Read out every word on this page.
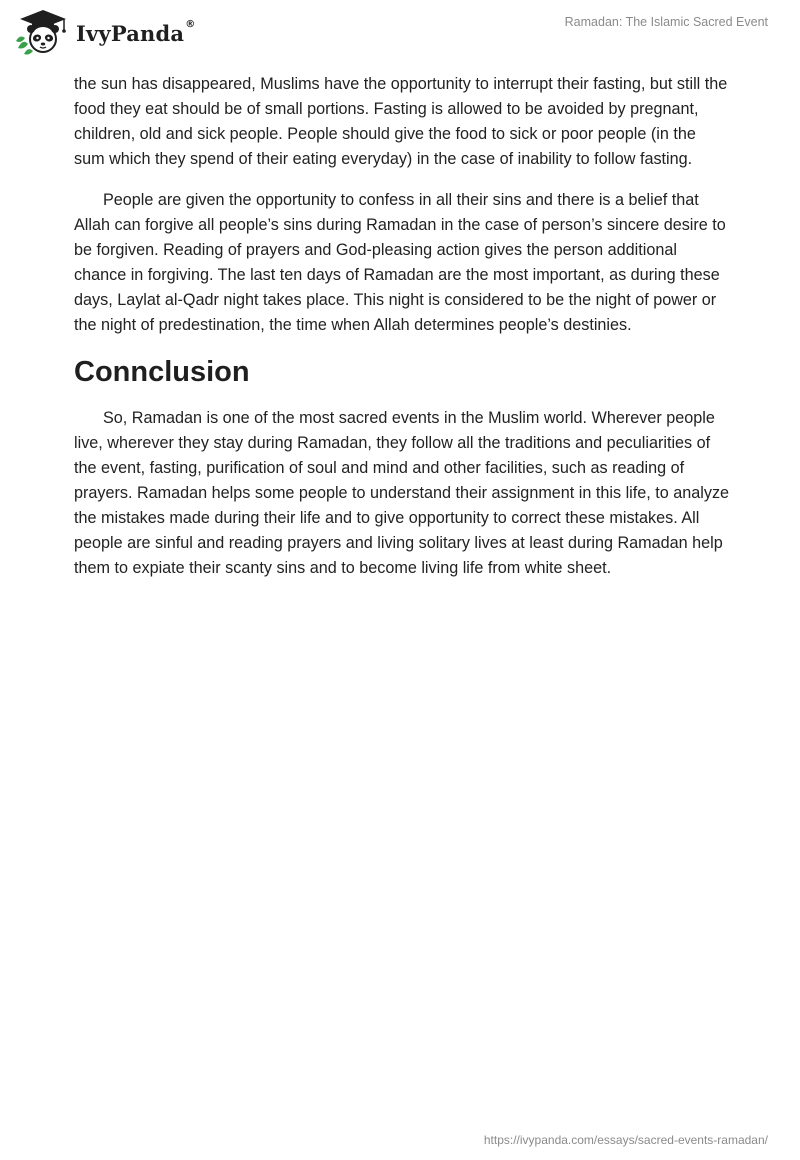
IvyPanda®	Ramadan: The Islamic Sacred Event

the sun has disappeared, Muslims have the opportunity to interrupt their fasting, but still the food they eat should be of small portions. Fasting is allowed to be avoided by pregnant, children, old and sick people. People should give the food to sick or poor people (in the sum which they spend of their eating everyday) in the case of inability to follow fasting.

People are given the opportunity to confess in all their sins and there is a belief that Allah can forgive all people’s sins during Ramadan in the case of person’s sincere desire to be forgiven. Reading of prayers and God-pleasing action gives the person additional chance in forgiving. The last ten days of Ramadan are the most important, as during these days, Laylat al-Qadr night takes place. This night is considered to be the night of power or the night of predestination, the time when Allah determines people’s destinies.

Connclusion

So, Ramadan is one of the most sacred events in the Muslim world. Wherever people live, wherever they stay during Ramadan, they follow all the traditions and peculiarities of the event, fasting, purification of soul and mind and other facilities, such as reading of prayers. Ramadan helps some people to understand their assignment in this life, to analyze the mistakes made during their life and to give opportunity to correct these mistakes. All people are sinful and reading prayers and living solitary lives at least during Ramadan help them to expiate their scanty sins and to become living life from white sheet.

https://ivypanda.com/essays/sacred-events-ramadan/
